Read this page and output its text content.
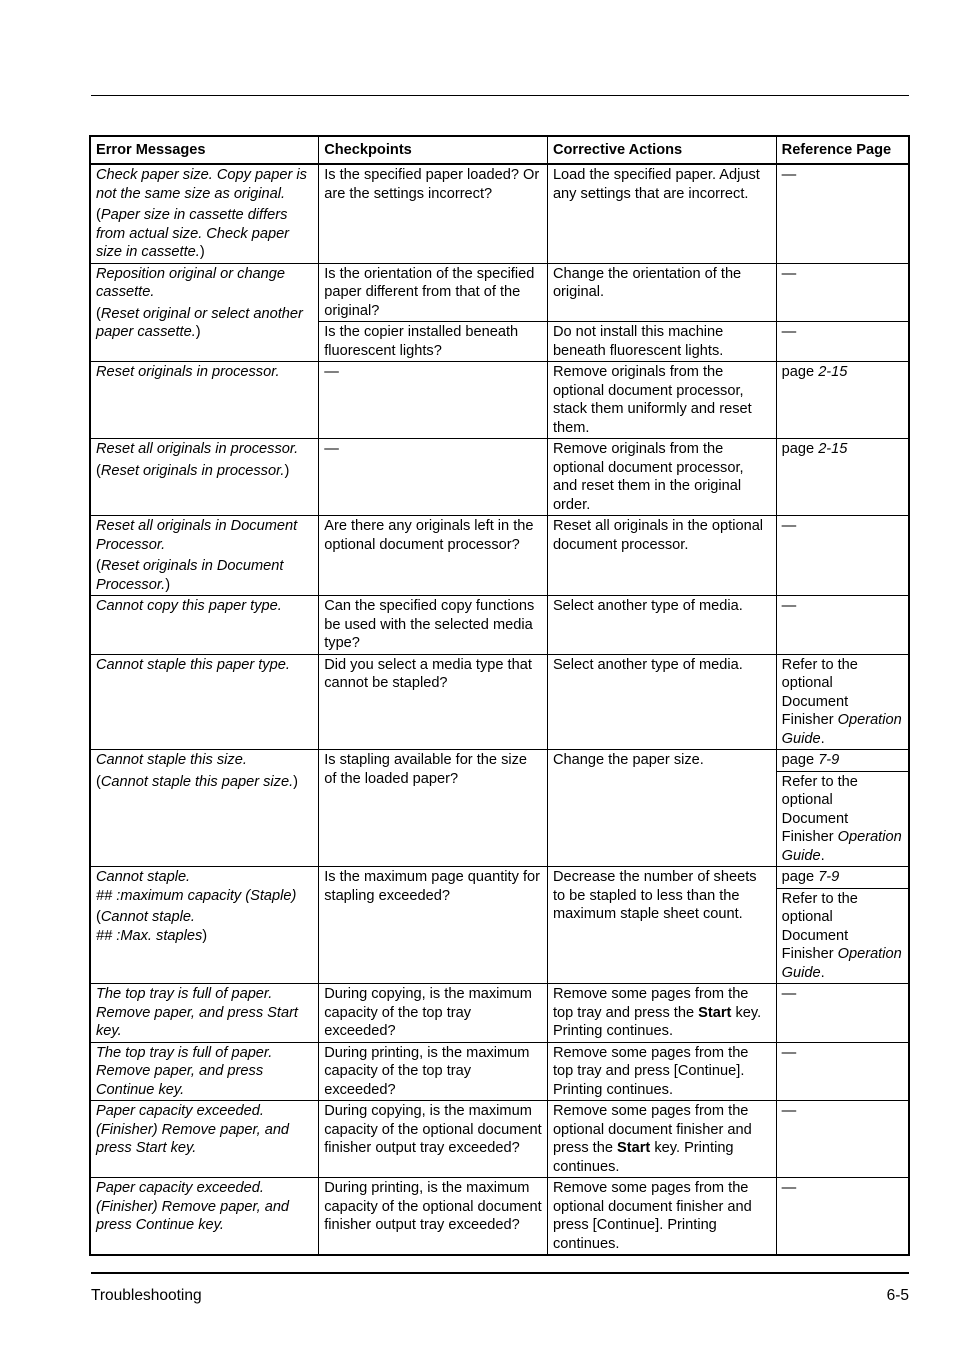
Error Messages	Checkpoints	Corrective Actions	Reference Page

Check paper size. Copy paper is not the same size as original.

(Paper size in cassette differs from actual size. Check paper size in cassette.)	Is the specified paper loaded? Or are the settings incorrect?	Load the specified paper. Adjust any settings that are incorrect.	—

Reposition original or change cassette.

(Reset original or select another paper cassette.)	Is the orientation of the specified paper different from that of the original?	Change the orientation of the original.	—
	Is the copier installed beneath fluorescent lights?	Do not install this machine beneath fluorescent lights.	—
Reset originals in processor.	—	Remove originals from the optional document processor, stack them uniformly and reset them.	page 2-15

Reset all originals in processor.

(Reset originals in processor.)	—	Remove originals from the optional document processor, and reset them in the original order.	page 2-15

Reset all originals in Document Processor.

(Reset originals in Document Processor.)	Are there any originals left in the optional document processor?	Reset all originals in the optional document processor.	—
Cannot copy this paper type.	Can the specified copy functions be used with the selected media type?	Select another type of media.	—
Cannot staple this paper type.	Did you select a media type that cannot be stapled?	Select another type of media.	Refer to the optional Document Finisher Operation Guide.

Cannot staple this size.

(Cannot staple this paper size.)	Is stapling available for the size of the loaded paper?	Change the paper size.	page 7-9
			Refer to the optional Document Finisher Operation Guide.

Cannot staple.

## :maximum capacity (Staple)

(Cannot staple.

## :Max. staples)	Is the maximum page quantity for stapling exceeded?	Decrease the number of sheets to be stapled to less than the maximum staple sheet count.	page 7-9
			Refer to the optional Document Finisher Operation Guide.
The top tray is full of paper. Remove paper, and press Start key.	During copying, is the maximum capacity of the top tray exceeded?	Remove some pages from the top tray and press the Start key. Printing continues.	—
The top tray is full of paper. Remove paper, and press Continue key.	During printing, is the maximum capacity of the top tray exceeded?	Remove some pages from the top tray and press [Continue]. Printing continues.	—
Paper capacity exceeded. (Finisher) Remove paper, and press Start key.	During copying, is the maximum capacity of the optional document finisher output tray exceeded?	Remove some pages from the optional document finisher and press the Start key. Printing continues.	—
Paper capacity exceeded. (Finisher) Remove paper, and press Continue key.	During printing, is the maximum capacity of the optional document finisher output tray exceeded?	Remove some pages from the optional document finisher and press [Continue]. Printing continues.	—
Troubleshooting	6-5
